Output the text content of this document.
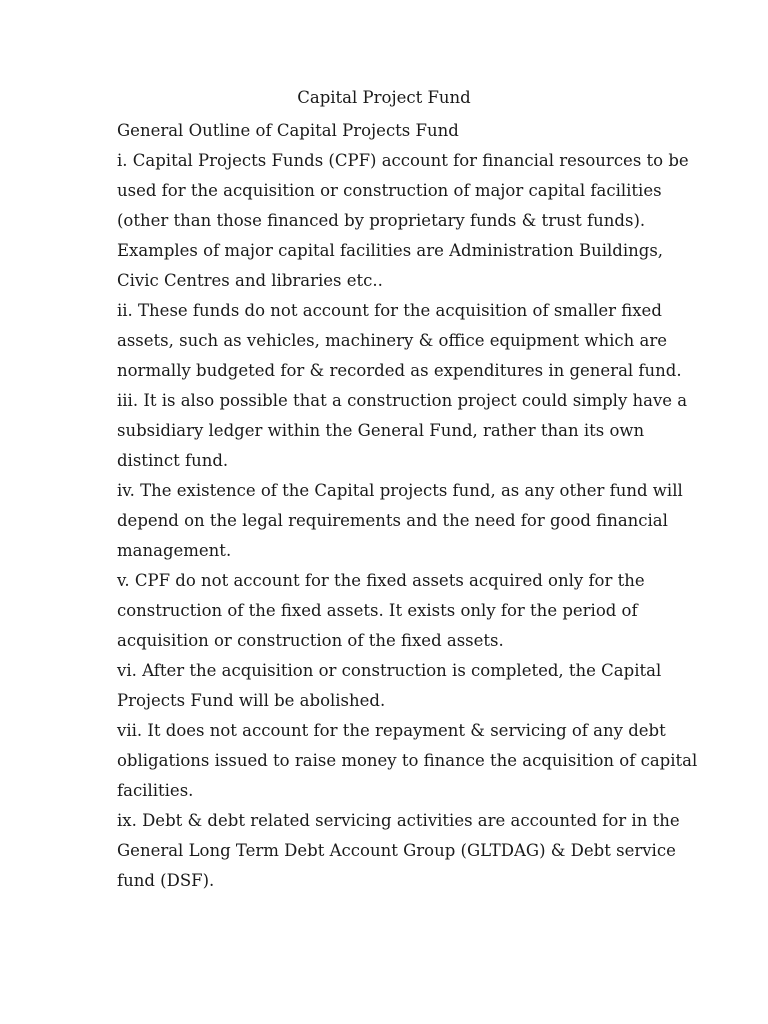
Capital Project Fund
General Outline of Capital Projects Fund
i. Capital Projects Funds (CPF) account for financial resources to be
used for the acquisition or construction of major capital facilities
(other than those financed by proprietary funds & trust funds).
Examples of major capital facilities are Administration Buildings,
Civic Centres and libraries etc..
ii. These funds do not account for the acquisition of smaller fixed
assets, such as vehicles, machinery & office equipment which are
normally budgeted for & recorded as expenditures in general fund.
iii. It is also possible that a construction project could simply have a
subsidiary ledger within the General Fund, rather than its own
distinct fund.
iv. The existence of the Capital projects fund, as any other fund will
depend on the legal requirements and the need for good financial
management.
v. CPF do not account for the fixed assets acquired only for the
construction of the fixed assets. It exists only for the period of
acquisition or construction of the fixed assets.
vi. After the acquisition or construction is completed, the Capital
Projects Fund will be abolished.
vii. It does not account for the repayment & servicing of any debt
obligations issued to raise money to finance the acquisition of capital
facilities.
ix. Debt & debt related servicing activities are accounted for in the
General Long Term Debt Account Group (GLTDAG) & Debt service
fund (DSF).
